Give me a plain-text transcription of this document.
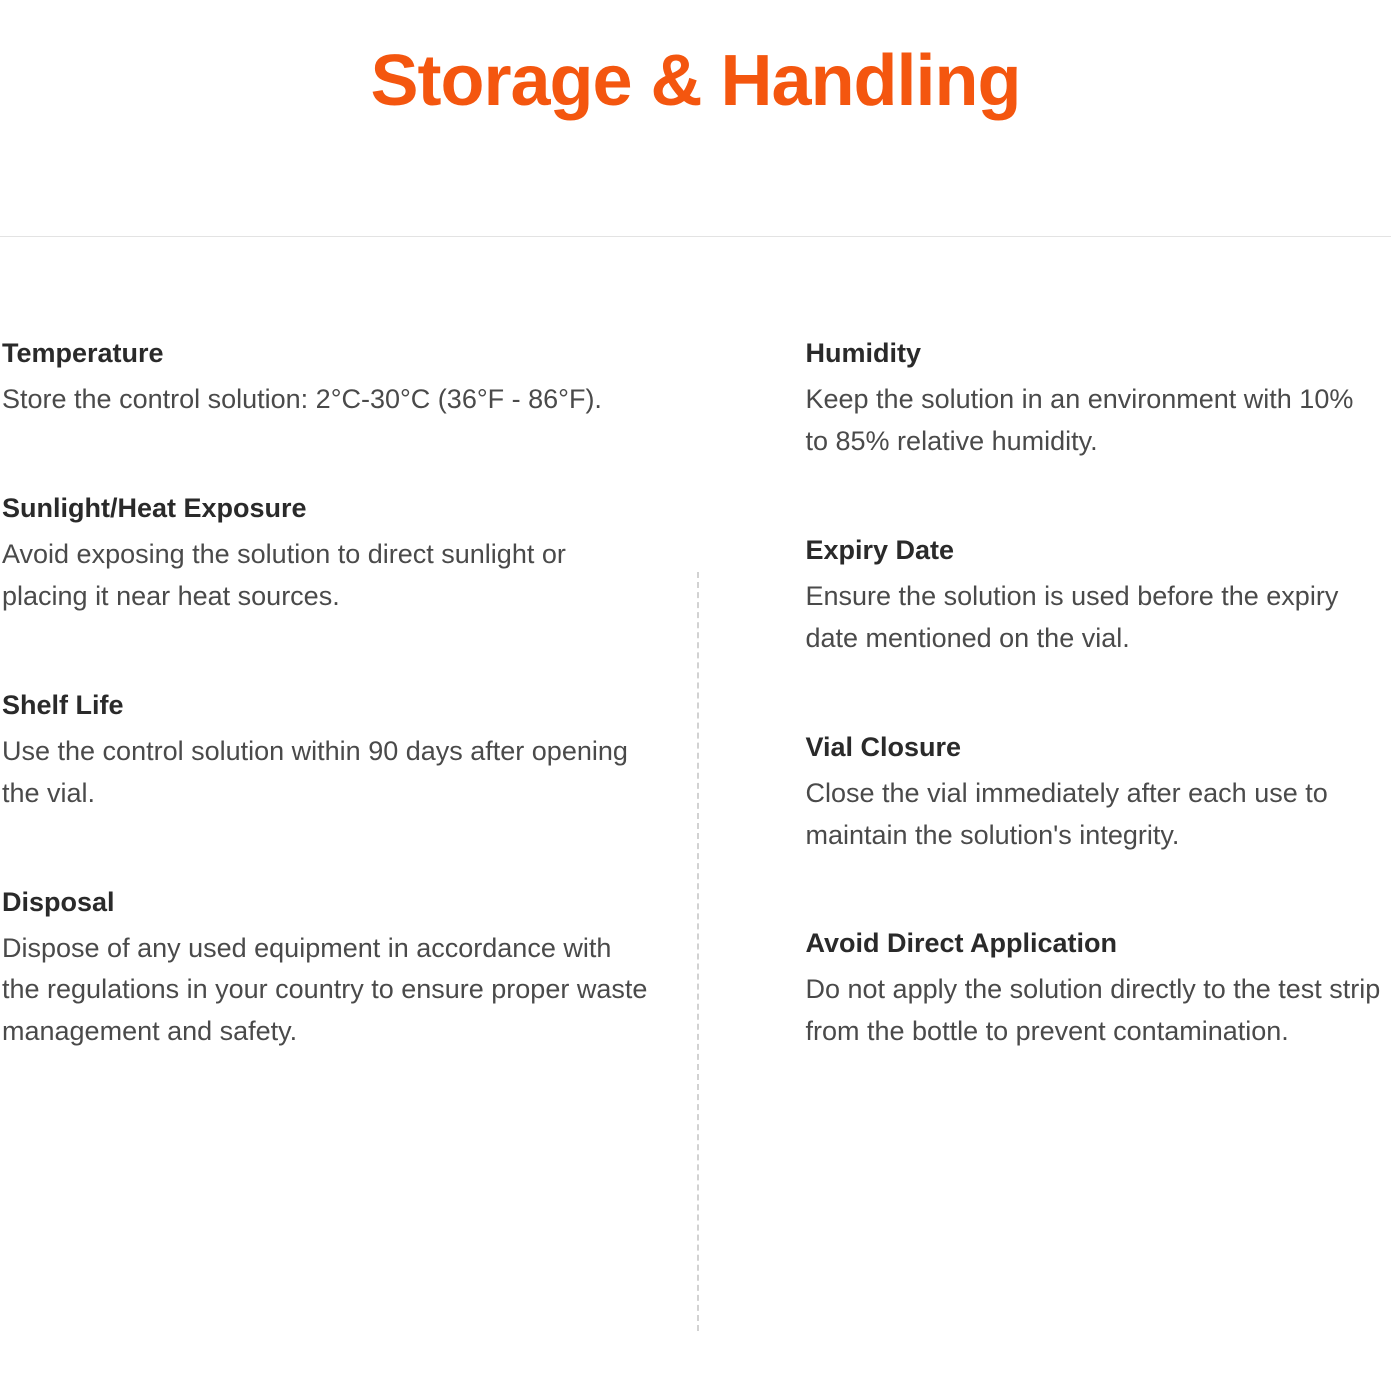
Storage & Handling

Temperature

Store the control solution: 2°C-30°C (36°F - 86°F).

Sunlight/Heat Exposure

Avoid exposing the solution to direct sunlight or placing it near heat sources.

Shelf Life

Use the control solution within 90 days after opening the vial.

Disposal

Dispose of any used equipment in accordance with the regulations in your country to ensure proper waste management and safety.

Humidity

Keep the solution in an environment with 10% to 85% relative humidity.

Expiry Date

Ensure the solution is used before the expiry date mentioned on the vial.

Vial Closure

Close the vial immediately after each use to maintain the solution's integrity.

Avoid Direct Application

Do not apply the solution directly to the test strip from the bottle to prevent contamination.
